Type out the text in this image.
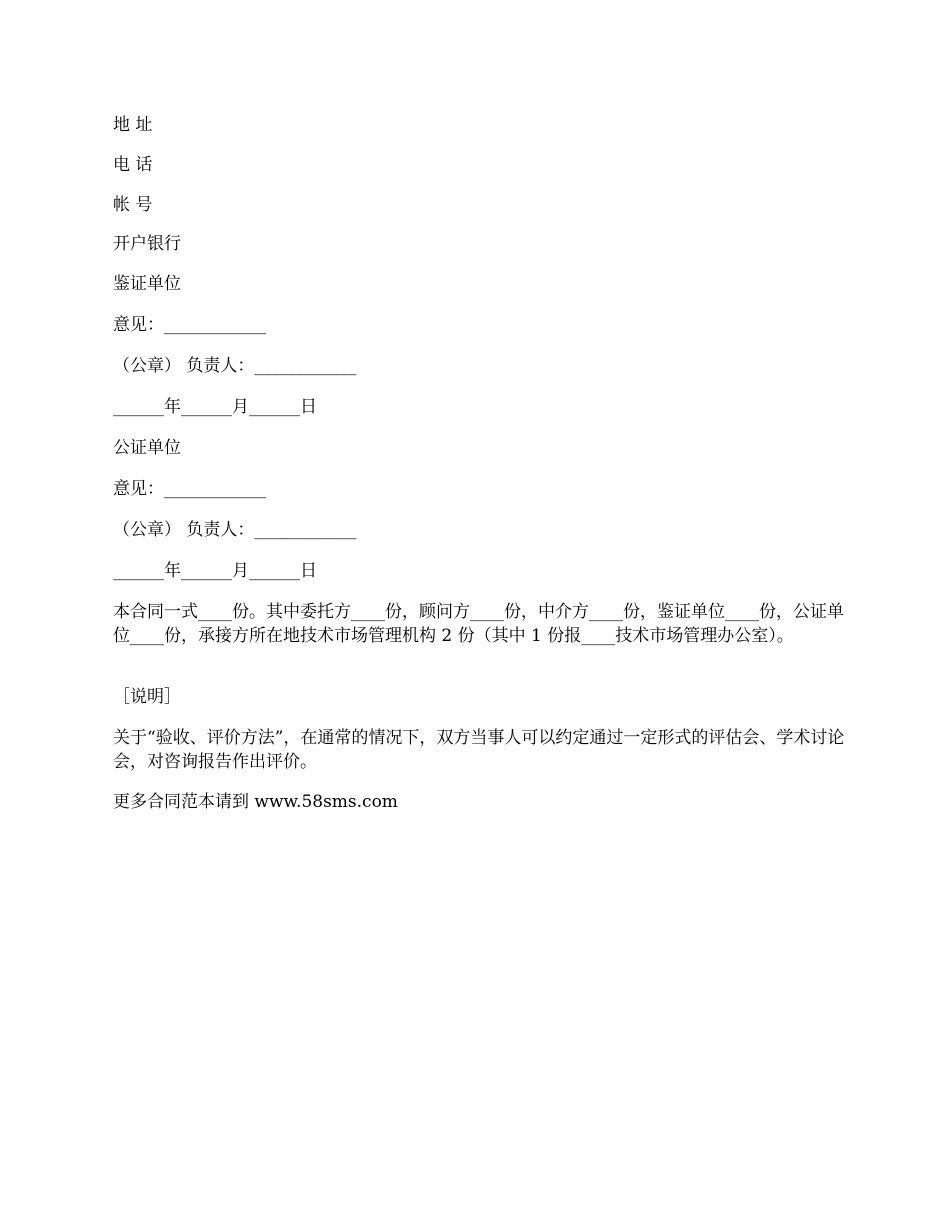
地 址
电 话
帐 号
开户银行
鉴证单位
意见：____________
（公章） 负责人：____________
______年______月______日
公证单位
意见：____________
（公章） 负责人：____________
______年______月______日
本合同一式____份。其中委托方____份，顾问方____份，中介方____份，鉴证单位____份，公证单位____份，承接方所在地技术市场管理机构 2 份（其中 1 份报____技术市场管理办公室）。
［说明］
关于“验收、评价方法”，在通常的情况下，双方当事人可以约定通过一定形式的评估会、学术讨论会，对咨询报告作出评价。
更多合同范本请到 www.58sms.com
